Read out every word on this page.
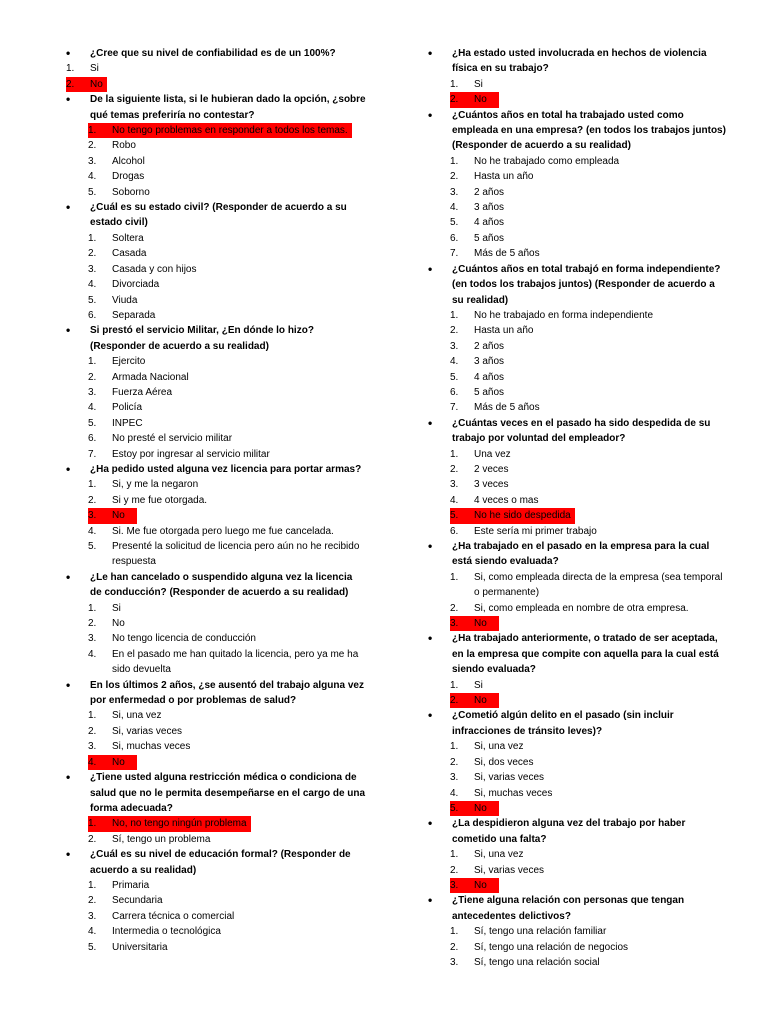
•	¿Cree que su nivel de confiabilidad es de un 100%?
1.	Si
2. No
•	De la siguiente lista, si le hubieran dado la opción, ¿sobre qué temas preferiría no contestar?
1. No tengo problemas en responder a todos los temas.
2.	Robo
3.	Alcohol
4.	Drogas
5.	Soborno
•	¿Cuál es su estado civil? (Responder de acuerdo a su estado civil)
1.	Soltera
2.	Casada
3.	Casada y con hijos
4.	Divorciada
5.	Viuda
6.	Separada
•	Si prestó el servicio Militar, ¿En dónde lo hizo? (Responder de acuerdo a su realidad)
1.	Ejercito
2.	Armada Nacional
3.	Fuerza Aérea
4.	Policía
5.	INPEC
6.	No presté el servicio militar
7.	Estoy por ingresar al servicio militar
•	¿Ha pedido usted alguna vez licencia para portar armas?
1.	Si, y me la negaron
2.	Si y me fue otorgada.
3. No
4.	Si. Me fue otorgada pero luego me fue cancelada.
5.	Presenté la solicitud de licencia pero aún no he recibido respuesta
•	¿Le han cancelado o suspendido alguna vez la licencia de conducción? (Responder de acuerdo a su realidad)
1.	Si
2.	No
3.	No tengo licencia de conducción
4.	En el pasado me han quitado la licencia, pero ya me ha sido devuelta
•	En los últimos 2 años, ¿se ausentó del trabajo alguna vez por enfermedad o por problemas de salud?
1.	Si, una vez
2.	Si, varias veces
3.	Si, muchas veces
4. No
•	¿Tiene usted alguna restricción médica o condiciona de salud que no le permita desempeñarse en el cargo de una forma adecuada?
1. No, no tengo ningún problema
2.	Sí, tengo un problema
•	¿Cuál es su nivel de educación formal? (Responder de acuerdo a su realidad)
1.	Primaria
2.	Secundaria
3.	Carrera técnica o comercial
4.	Intermedia o tecnológica
5.	Universitaria
•	¿Ha estado usted involucrada en hechos de violencia física en su trabajo?
1.	Si
2. No
•	¿Cuántos años en total ha trabajado usted como empleada en una empresa? (en todos los trabajos juntos)(Responder de acuerdo a su realidad)
1.	No he trabajado como empleada
2.	Hasta un año
3.	2 años
4.	3 años
5.	4 años
6.	5 años
7.	Más de 5 años
•	¿Cuántos años en total trabajó en forma independiente? (en todos los trabajos juntos) (Responder de acuerdo a su realidad)
1.	No he trabajado en forma independiente
2.	Hasta un año
3.	2 años
4.	3 años
5.	4 años
6.	5 años
7.	Más de 5 años
•	¿Cuántas veces en el pasado ha sido despedida de su trabajo por voluntad del empleador?
1.	Una vez
2.	2 veces
3.	3 veces
4.	4 veces o mas
5. No he sido despedida
6.	Este sería mi primer trabajo
•	¿Ha trabajado en el pasado en la empresa para la cual está siendo evaluada?
1.	Si, como empleada directa de la empresa (sea temporal o permanente)
2.	Si, como empleada en nombre de otra empresa.
3. No
•	¿Ha trabajado anteriormente, o tratado de ser aceptada, en la empresa que compite con aquella para la cual está siendo evaluada?
1.	Si
2. No
•	¿Cometió algún delito en el pasado (sin incluir infracciones de tránsito leves)?
1.	Si, una vez
2.	Si, dos veces
3.	Si, varias veces
4.	Si, muchas veces
5. No
•	¿La despidieron alguna vez del trabajo por haber cometido una falta?
1.	Si, una vez
2.	Si, varias veces
3. No
•	¿Tiene alguna relación con personas que tengan antecedentes delictivos?
1.	Sí, tengo una relación familiar
2.	Sí, tengo una relación de negocios
3.	Sí, tengo una relación social
